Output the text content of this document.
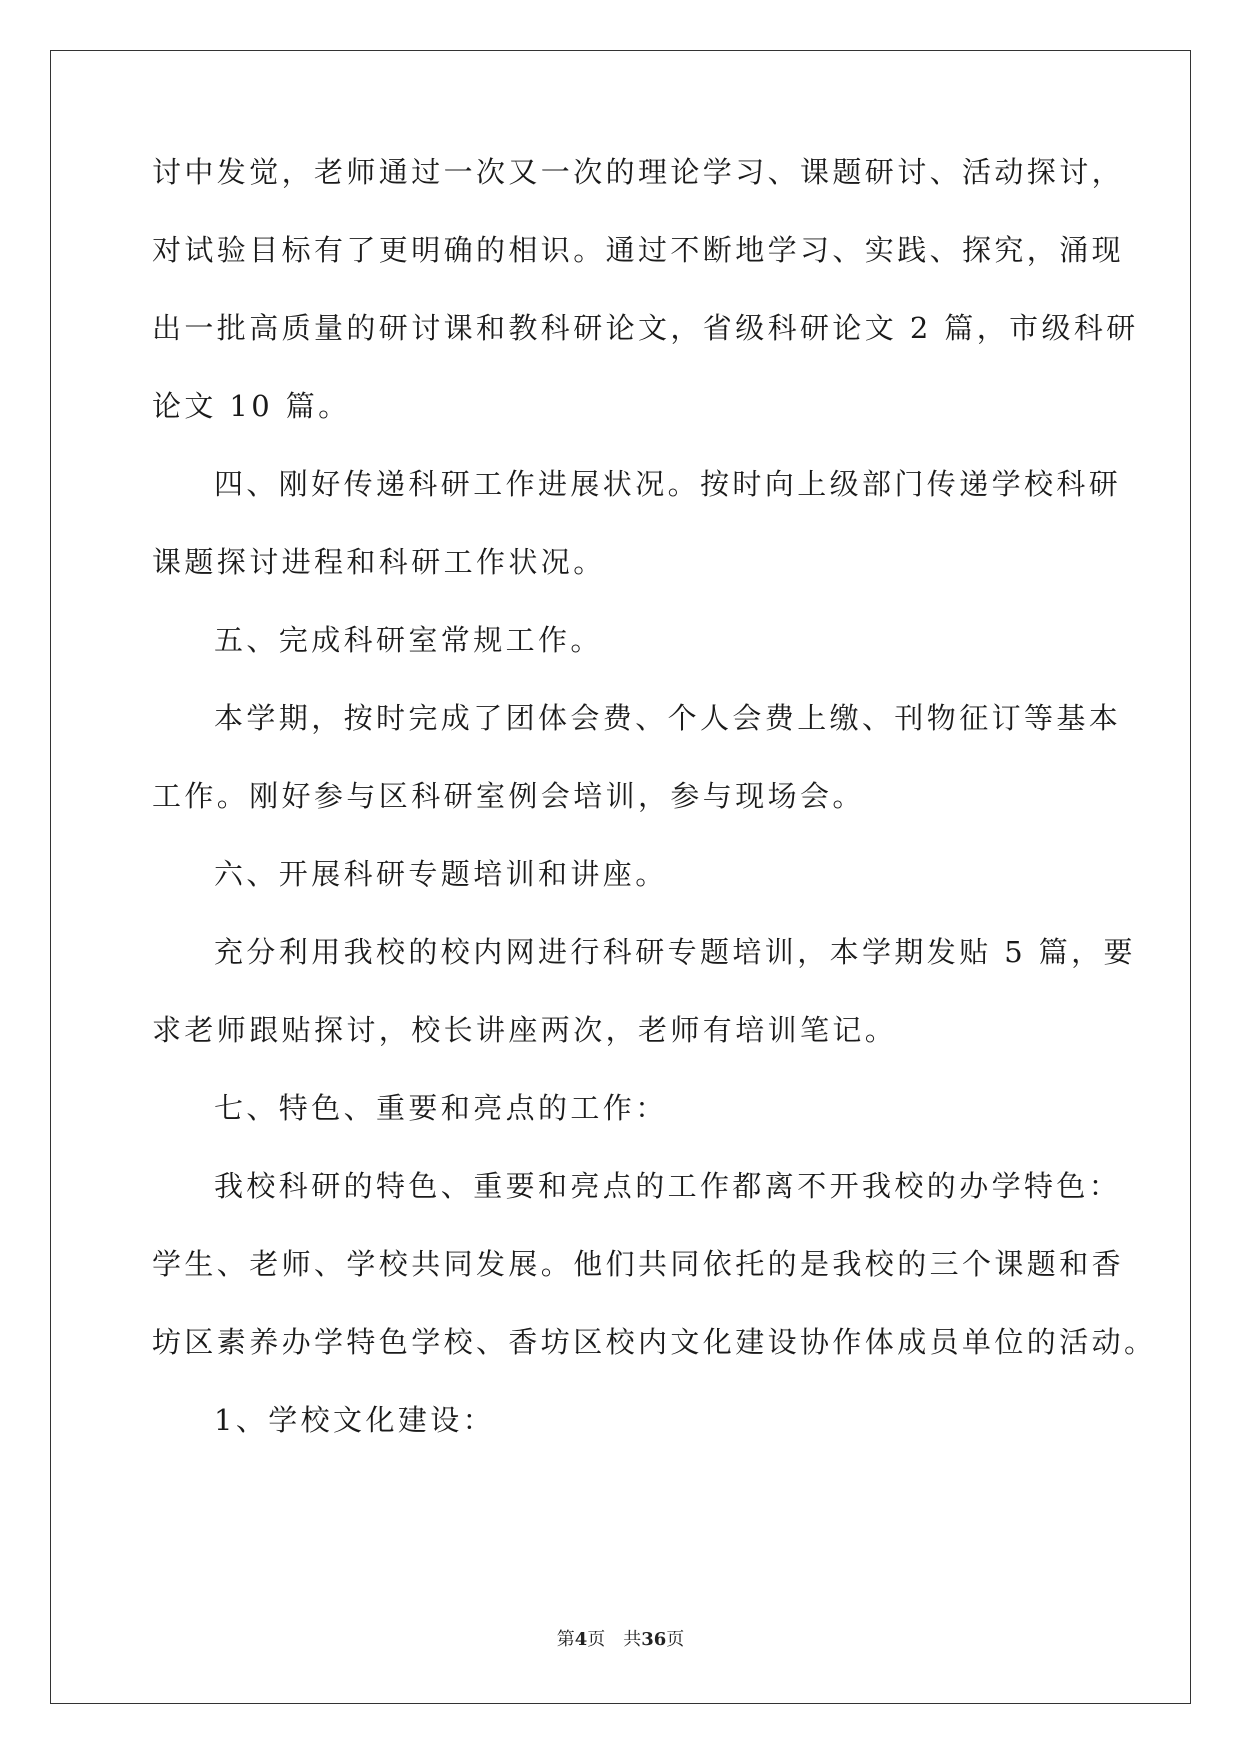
讨中发觉，老师通过一次又一次的理论学习、课题研讨、活动探讨，
对试验目标有了更明确的相识。通过不断地学习、实践、探究，涌现
出一批高质量的研讨课和教科研论文，省级科研论文 2 篇，市级科研
论文 10 篇。
四、刚好传递科研工作进展状况。按时向上级部门传递学校科研
课题探讨进程和科研工作状况。
五、完成科研室常规工作。
本学期，按时完成了团体会费、个人会费上缴、刊物征订等基本
工作。刚好参与区科研室例会培训，参与现场会。
六、开展科研专题培训和讲座。
充分利用我校的校内网进行科研专题培训，本学期发贴 5 篇，要
求老师跟贴探讨，校长讲座两次，老师有培训笔记。
七、特色、重要和亮点的工作：
我校科研的特色、重要和亮点的工作都离不开我校的办学特色：
学生、老师、学校共同发展。他们共同依托的是我校的三个课题和香
坊区素养办学特色学校、香坊区校内文化建设协作体成员单位的活动。
1、学校文化建设：
第4页 共36页
